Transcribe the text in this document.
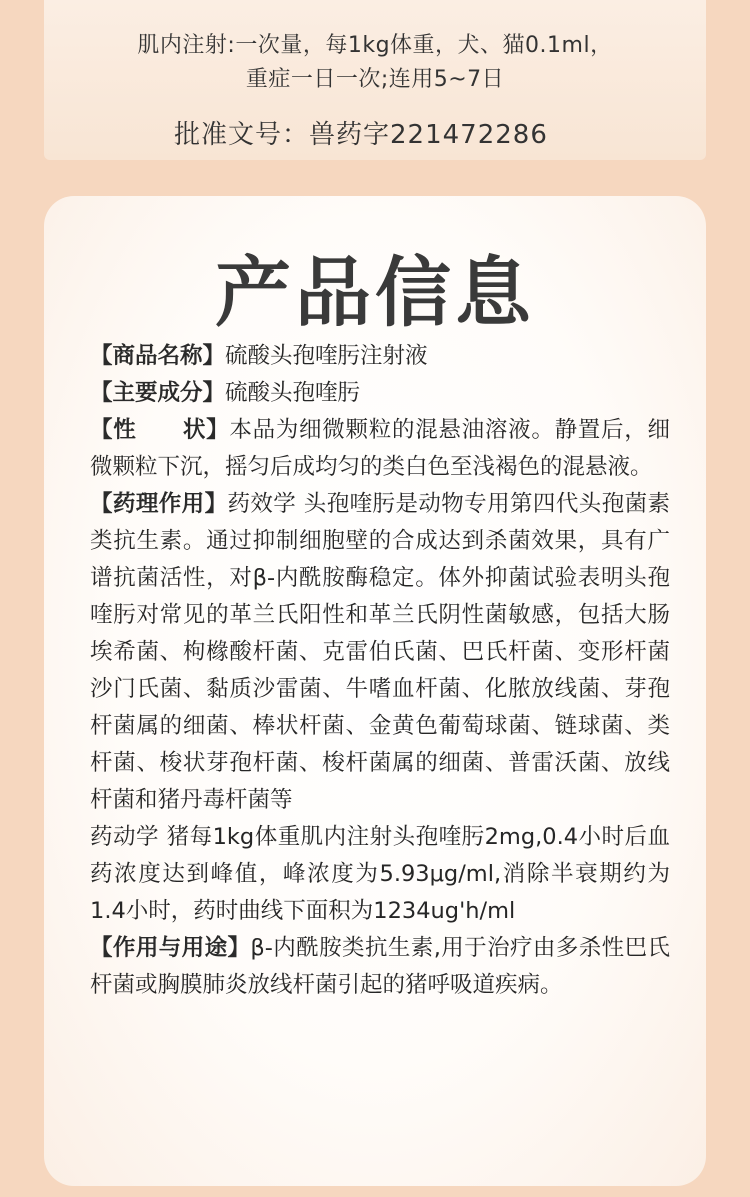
肌内注射:一次量，每1kg体重，犬、猫0.1ml，
重症一日一次;连用5~7日
批准文号：兽药字221472286
产品信息

【商品名称】硫酸头孢喹肟注射液

【主要成分】硫酸头孢喹肟

【性　　状】本品为细微颗粒的混悬油溶液。静置后，细微颗粒下沉，摇匀后成均匀的类白色至浅褐色的混悬液。

【药理作用】药效学 头孢喹肟是动物专用第四代头孢菌素类抗生素。通过抑制细胞壁的合成达到杀菌效果，具有广谱抗菌活性，对β-内酰胺酶稳定。体外抑菌试验表明头孢喹肟对常见的革兰氏阳性和革兰氏阴性菌敏感，包括大肠埃希菌、枸橼酸杆菌、克雷伯氏菌、巴氏杆菌、变形杆菌沙门氏菌、黏质沙雷菌、牛嗜血杆菌、化脓放线菌、芽孢杆菌属的细菌、棒状杆菌、金黄色葡萄球菌、链球菌、类杆菌、梭状芽孢杆菌、梭杆菌属的细菌、普雷沃菌、放线杆菌和猪丹毒杆菌等

药动学 猪每1kg体重肌内注射头孢喹肟2mg,0.4小时后血药浓度达到峰值，峰浓度为5.93μg/ml,消除半衰期约为1.4小时，药时曲线下面积为1234ug'h/ml

【作用与用途】β-内酰胺类抗生素,用于治疗由多杀性巴氏杆菌或胸膜肺炎放线杆菌引起的猪呼吸道疾病。
